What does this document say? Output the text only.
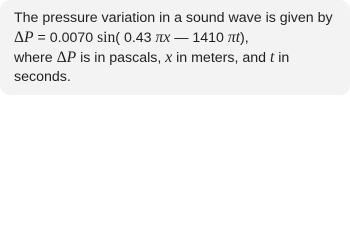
The pressure variation in a sound wave is given by

ΔP = 0.0070 sin( 0.43 πx — 1410 πt),

where ΔP is in pascals, x in meters, and t in

seconds.
